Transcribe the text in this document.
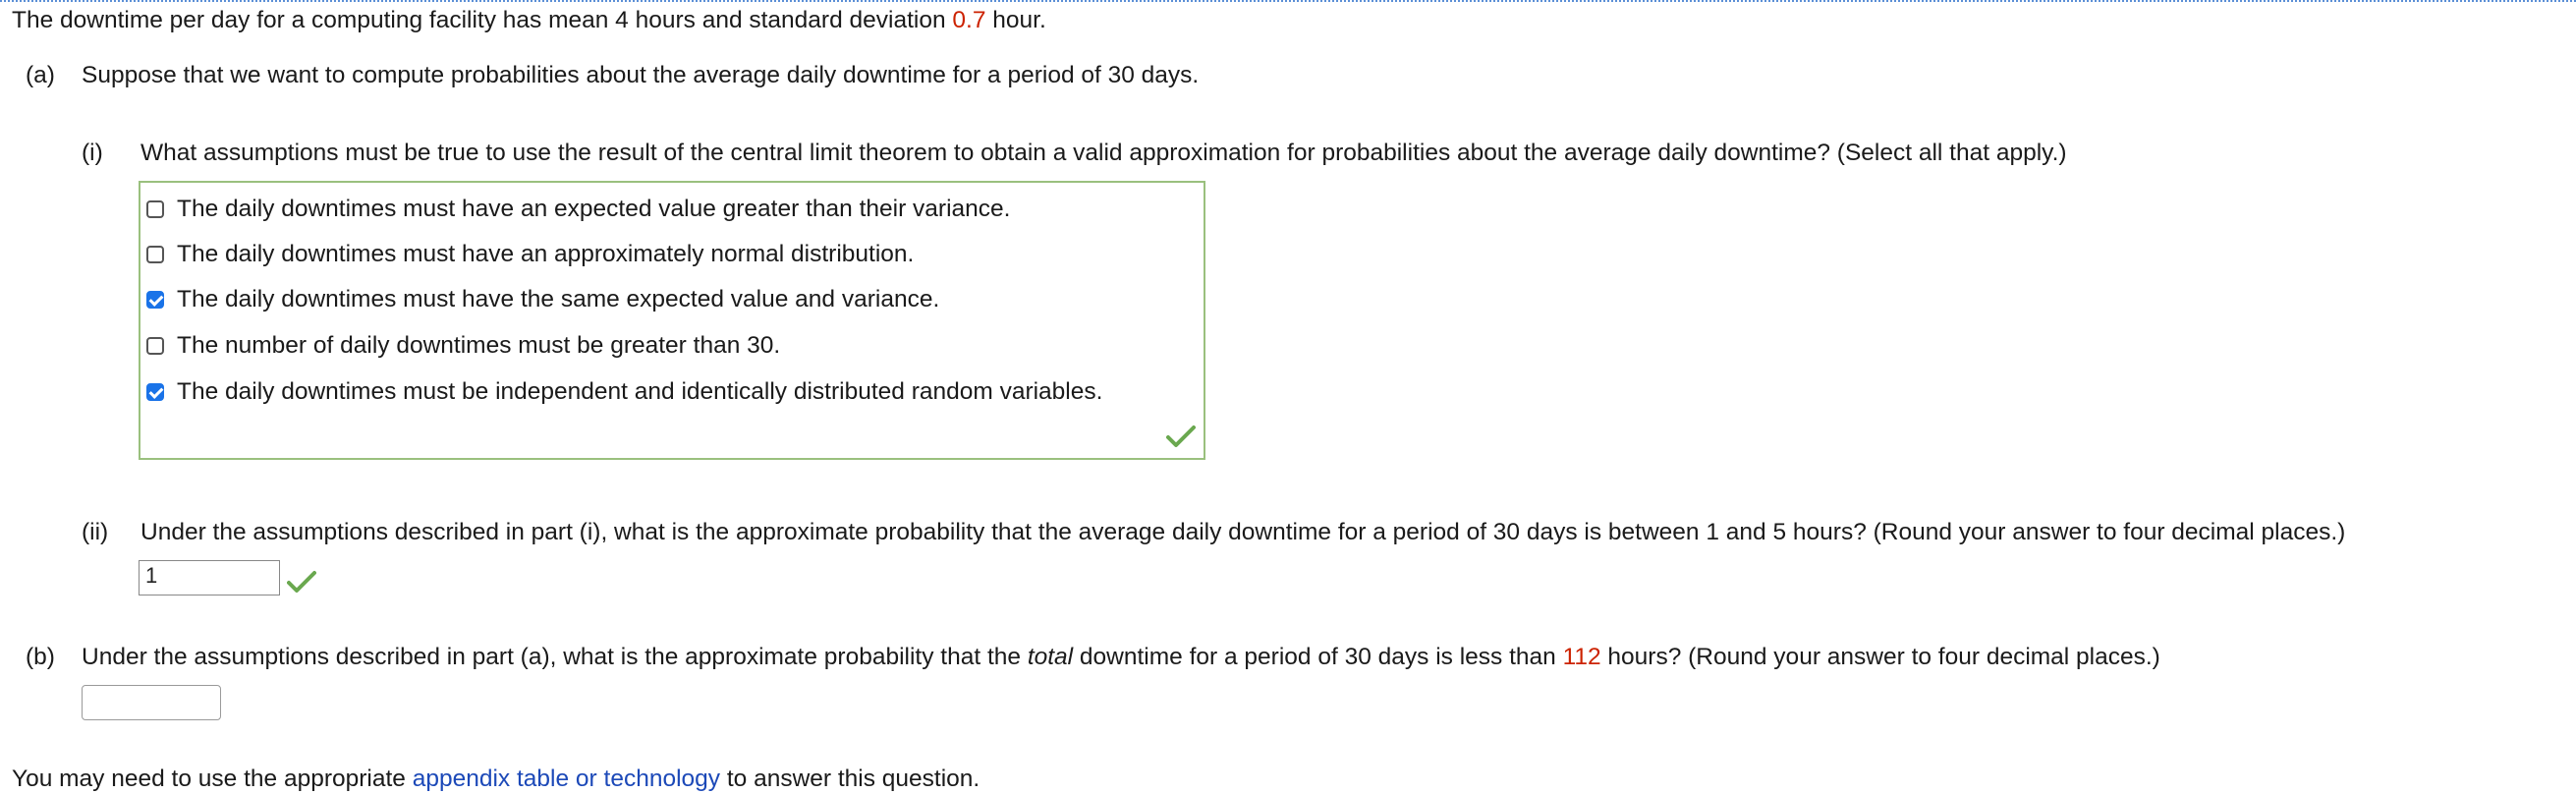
The downtime per day for a computing facility has mean 4 hours and standard deviation 0.7 hour.
(a) Suppose that we want to compute probabilities about the average daily downtime for a period of 30 days.
(i) What assumptions must be true to use the result of the central limit theorem to obtain a valid approximation for probabilities about the average daily downtime? (Select all that apply.)
The daily downtimes must have an expected value greater than their variance.
The daily downtimes must have an approximately normal distribution.
The daily downtimes must have the same expected value and variance.
The number of daily downtimes must be greater than 30.
The daily downtimes must be independent and identically distributed random variables.
(ii) Under the assumptions described in part (i), what is the approximate probability that the average daily downtime for a period of 30 days is between 1 and 5 hours? (Round your answer to four decimal places.)
1
(b) Under the assumptions described in part (a), what is the approximate probability that the total downtime for a period of 30 days is less than 112 hours? (Round your answer to four decimal places.)
You may need to use the appropriate appendix table or technology to answer this question.
